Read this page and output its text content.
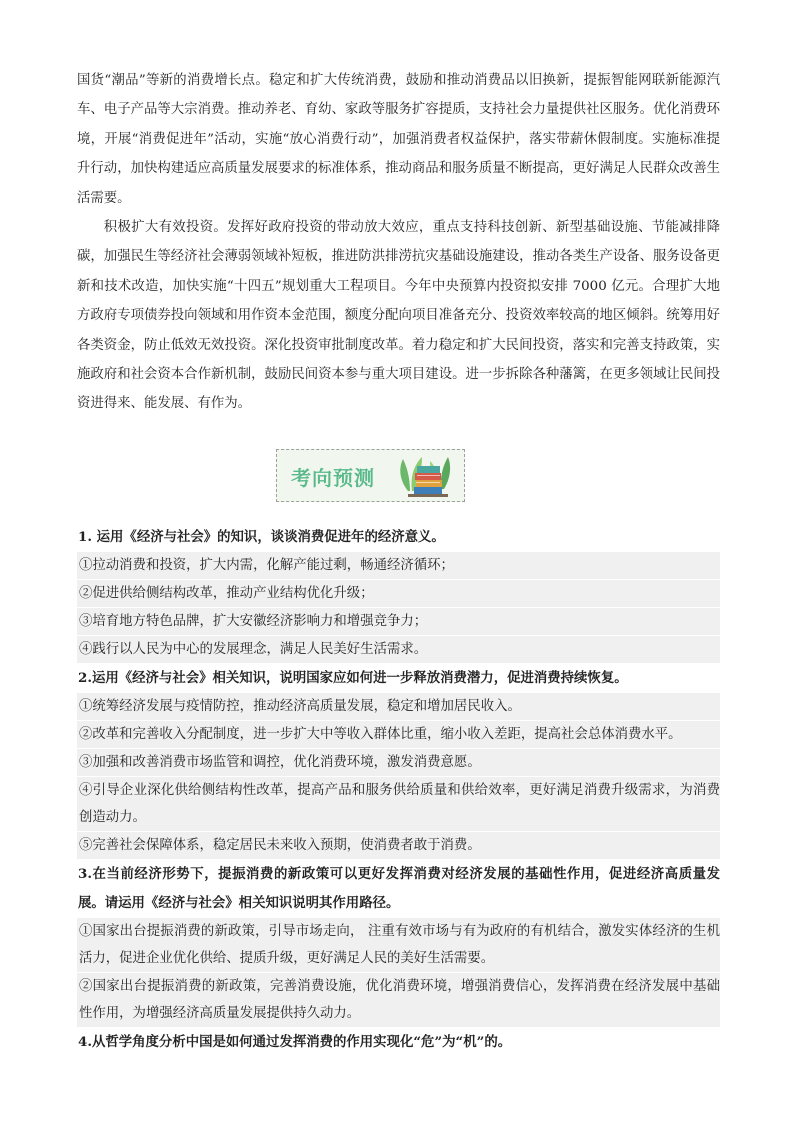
国货“潮品”等新的消费增长点。稳定和扩大传统消费，鼓励和推动消费品以旧换新，提振智能网联新能源汽车、电子产品等大宗消费。推动养老、育幼、家政等服务扩容提质，支持社会力量提供社区服务。优化消费环境，开展“消费促进年”活动，实施“放心消费行动”，加强消费者权益保护，落实带薪休假制度。实施标准提升行动，加快构建适应高质量发展要求的标准体系，推动商品和服务质量不断提高，更好满足人民群众改善生活需要。

积极扩大有效投资。发挥好政府投资的带动放大效应，重点支持科技创新、新型基础设施、节能减排降碳，加强民生等经济社会薄弱领域补短板，推进防洪排涝抗灾基础设施建设，推动各类生产设备、服务设备更新和技术改造，加快实施“十四五”规划重大工程项目。今年中央预算内投资拟安排 7000 亿元。合理扩大地方政府专项债券投向领域和用作资本金范围，额度分配向项目准备充分、投资效率较高的地区倾斜。统筹用好各类资金，防止低效无效投资。深化投资审批制度改革。着力稳定和扩大民间投资，落实和完善支持政策，实施政府和社会资本合作新机制，鼓励民间资本参与重大项目建设。进一步拆除各种藩篱，在更多领域让民间投资进得来、能发展、有作为。

考向预测

1. 运用《经济与社会》的知识，谈谈消费促进年的经济意义。

①拉动消费和投资，扩大内需，化解产能过剩，畅通经济循环；

②促进供给侧结构改革，推动产业结构优化升级；

③培育地方特色品牌，扩大安徽经济影响力和增强竞争力；

④践行以人民为中心的发展理念，满足人民美好生活需求。

2.运用《经济与社会》相关知识，说明国家应如何进一步释放消费潜力，促进消费持续恢复。

①统筹经济发展与疫情防控，推动经济高质量发展，稳定和增加居民收入。

②改革和完善收入分配制度，进一步扩大中等收入群体比重，缩小收入差距，提高社会总体消费水平。

③加强和改善消费市场监管和调控，优化消费环境，激发消费意愿。

④引导企业深化供给侧结构性改革，提高产品和服务供给质量和供给效率，更好满足消费升级需求，为消费创造动力。

⑤完善社会保障体系，稳定居民未来收入预期，使消费者敢于消费。

3.在当前经济形势下，提振消费的新政策可以更好发挥消费对经济发展的基础性作用，促进经济高质量发展。请运用《经济与社会》相关知识说明其作用路径。

①国家出台提振消费的新政策，引导市场走向， 注重有效市场与有为政府的有机结合，激发实体经济的生机活力，促进企业优化供给、提质升级，更好满足人民的美好生活需要。

②国家出台提振消费的新政策，完善消费设施，优化消费环境，增强消费信心，发挥消费在经济发展中基础性作用，为增强经济高质量发展提供持久动力。

4.从哲学角度分析中国是如何通过发挥消费的作用实现化“危”为“机”的。
